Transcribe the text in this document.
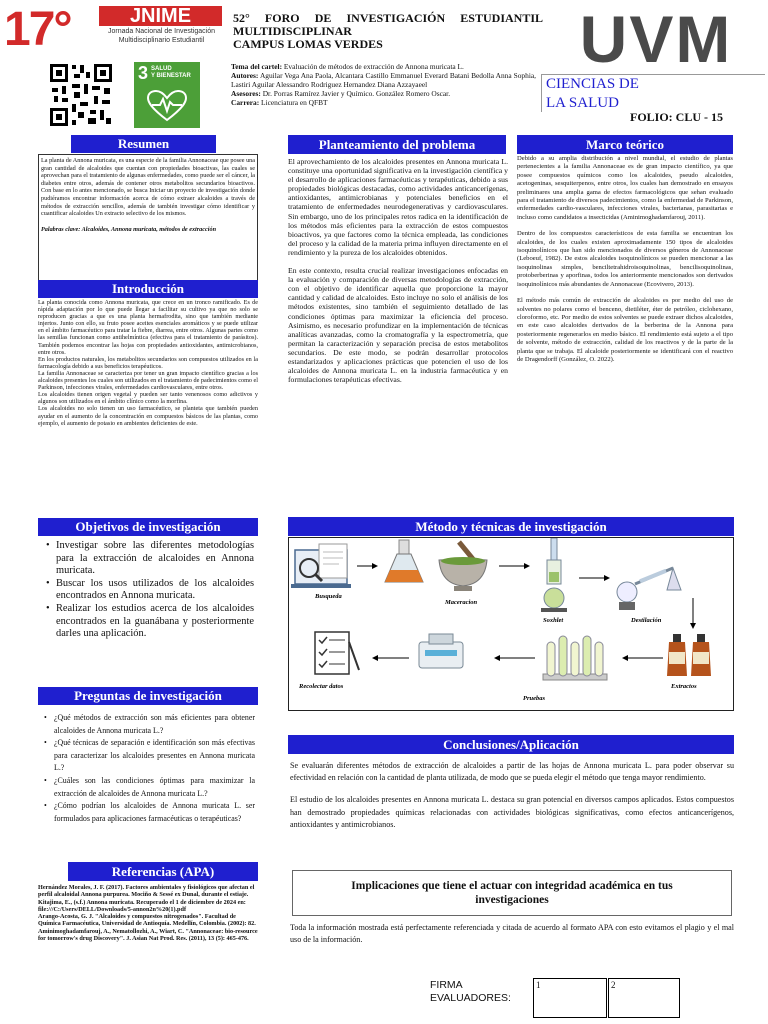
17°	JNIME
Jornada Nacional de Investigación
Multidisciplinario Estudiantil
52° FORO DE INVESTIGACIÓN ESTUDIANTIL
MULTIDISCIPLINAR
CAMPUS LOMAS VERDES	UVM
3 SALUD
Y BIENESTAR
Tema del cartel: Evaluación de métodos de extracción de Annona muricata L.
Autores: Aguilar Vega Ana Paola, Alcantara Castillo Emmanuel Everard Batani Bedolla Anna Sophia, Lastiri Aguilar Alessandro Rodriguez Hernandez Diana Azzayaeel
Asesores: Dr. Porras Ramírez Javier y Químico. González Romero Oscar.
Carrera: Licenciatura en QFBT
CIENCIAS DE
LA SALUD
FOLIO: CLU - 15
Resumen
La planta de Annona muricata, es una especie de la familia Annonaceae que posee una gran cantidad de alcaloides que cuentan con propiedades bioactivas, las cuales se aprovechan para el tratamiento de algunas enfermedades, como puede ser el cáncer, la diabetes entre otros, además de contener otros metabolitos secundarios bioactivos. Con base en lo antes mencionado, se busca Iniciar un proyecto de investigación donde pudiéramos encontrar información acerca de cómo extraer alcaloides a través de métodos de extracción sencillos, además de también investigar cómo identificar y cuantificar alcaloides Un extracto selectivo de los mismos.
Palabras clave: Alcaloides, Annona muricata, métodos de extracción
Introducción

La planta conocida como Annona muricata, que crece en un tronco ramificado. Es de rápida adaptación por lo que puede llegar a facilitar su cultivo ya que no solo se reproducen gracias a que es una planta hermafrodita, sino que también mediante injertos. Junto con ello, su fruto posee aceites esenciales aromáticos y se puede utilizar en el ámbito farmacéutico para tratar la fiebre, diarrea, entre otros. Algunas partes como las semillas funcionan como antihelmíntica (efectiva para el tratamiento de parásitos). También podemos encontrar las hojas con propiedades antioxidantes, antimicrobianos, entre otros.

En los productos naturales, los metabolitos secundarios son compuestos utilizados en la farmacología debido a sus beneficios terapéuticos.

La familia Annonaceae se caracteriza por tener un gran impacto científico gracias a los alcaloides presentes los cuales son utilizados en el tratamiento de padecimientos como el Parkinson, infecciones virales, enfermedades cardiovasculares, entre otros.

Los alcaloides tienen origen vegetal y pueden ser tanto venenosos como adictivos y algunos son utilizados en el ámbito clínico como la morfina.

Los alcaloides no solo tienen un uso farmacéutico, se planteta que también pueden ayudar en el aumento de la concentración en compuestos básicos de las plantas, como ejemplo, el aumento de potasio en ambientes deficientes de este.

Objetivos de investigación
• Investigar sobre las diferentes metodologías para la extracción de alcaloides en Annona muricata.
• Buscar los usos utilizados de los alcaloides encontrados en Annona muricata.
• Realizar los estudios acerca de los alcaloides encontrados en la guanábana y posteriormente darles una aplicación.
Preguntas de investigación
• ¿Qué métodos de extracción son más eficientes para obtener alcaloides de Annona muricata L.?
• ¿Qué técnicas de separación e identificación son más efectivas para caracterizar los alcaloides presentes en Annona muricata L.?
• ¿Cuáles son las condiciones óptimas para maximizar la extracción de alcaloides de Annona muricata L.?
• ¿Cómo podrían los alcaloides de Annona muricata L. ser formulados para aplicaciones farmacéuticas o terapéuticas?
Referencias (APA)

Hernández Morales, J. F. (2017). Factores ambientales y fisiológicos que afectan el perfil alcaloidal Annona purpurea. Mociño & Sessé ex Dunal, durante el estiaje.

Kitajima, E., (s.f.) Annona muricata. Recuperado el 1 de diciembre de 2024 en: file:///C:/Users/DELL/Downloads/5-annon2n%20(1).pdf

Arango-Acosta, G. J. "Alcaloides y compuestos nitrogenados". Facultad de Química Farmacéutica, Universidad de Antioquía. Medellín, Colombia. (2002): 82.

Aminimoghadamfarouj, A., Nematollozhi, A., Wiart, C. "Annonaceae: bio-resource for tomorrow's drug Discovery". J. Asian Nat Prod. Res. (2011), 13 (5): 465-476.

Planteamiento del problema

El aprovechamiento de los alcaloides presentes en Annona muricata L. constituye una oportunidad significativa en la investigación científica y el desarrollo de aplicaciones farmacéuticas y terapéuticas, debido a sus propiedades biológicas destacadas, como actividades anticancerígenas, antioxidantes, antimicrobianas y potenciales beneficios en el tratamiento de enfermedades neurodegenerativas y cardiovasculares. Sin embargo, uno de los principales retos radica en la identificación de los métodos más eficientes para la extracción de estos compuestos bioactivos, ya que factores como la técnica empleada, las condiciones del proceso y la calidad de la materia prima influyen directamente en el rendimiento y la pureza de los alcaloides obtenidos.

En este contexto, resulta crucial realizar investigaciones enfocadas en la evaluación y comparación de diversas metodologías de extracción, con el objetivo de identificar aquella que proporcione la mayor cantidad y calidad de alcaloides. Esto incluye no solo el análisis de los métodos existentes, sino también el seguimiento detallado de las condiciones óptimas para maximizar la eficiencia del proceso. Asimismo, es necesario profundizar en la implementación de técnicas analíticas avanzadas, como la cromatografía y la espectrometría, que permitan la caracterización y separación precisa de estos metabolitos secundarios. De este modo, se podrán desarrollar protocolos estandarizados y aplicaciones prácticas que potencien el uso de los alcaloides de Annona muricata L. en la industria farmacéutica y en formulaciones terapéuticas efectivas.

Marco teórico

Debido a su amplia distribución a nivel mundial, el estudio de plantas pertenecientes a la familia Annonaceae es de gran impacto científico, ya que posee compuestos químicos como los alcaloides, pseudo alcaloides, acetogeninas, sesquiterpenos, entre otros, los cuales han demostrado en ensayos preliminares una amplia gama de efectos farmacológicos que sehan evaluado para el tratamiento de diversos padecimientos, como la enfermedad de Parkinson, enfermedades cardio-vasculares, infecciones virales, bacterianas, parasitarias e incluso como candidatos a insecticidas (Aminimoghadamfarouj, 2011).

Dentro de los compuestos característicos de esta familia se encuentran los alcaloides, de los cuales existen aproximadamente 150 tipos de alcaloides isoquinolínicos que han sido mencionados de diversos géneros de Annonaceae (Leboeuf, 1982). De estos alcaloides isoquinolínicos se pueden mencionar a las isoquinolinas simples, benciltetrahidroisoquinolinas, bencilisoquinolinas, protoberberinas y aporfinas, todos los anteriormente mencionados son derivados isoquinolínicos más abundantes de Annonaceae (Ecovivero, 2013).

El método más común de extracción de alcaloides es por medio del uso de solventes no polares como el benceno, dietiléter, éter de petróleo, ciclohexano, cloroformo, etc. Por medio de estos solventes se puede extraer dichos alcaloides, en este caso alcaloides derivados de la berberina de la Annona para posteriormente regenerarlos en medio básico. El rendimiento está sujeto a el tipo de solvente, método de extracción, calidad de los reactivos y de la parte de la planta que se trabaja. El alcaloide posteriormente se identificará con el reactivo de Dragendorff (González, O. 2022).

Método y técnicas de investigación
Busqueda
Maceracion
Soxhlet	Destilación
Extractos
Pruebas
Recolectar datos
Conclusiones/Aplicación

Se evaluarán diferentes métodos de extracción de alcaloides a partir de las hojas de Annona muricata L. para poder observar su efectividad en relación con la cantidad de planta utilizada, de modo que se pueda elegir el método que tenga mayor rendimiento.

El estudio de los alcaloides presentes en Annona muricata L. destaca su gran potencial en diversos campos aplicados. Estos compuestos han demostrado propiedades químicas relacionadas con actividades biológicas significativas, como efectos anticancerígenos, antioxidantes y antimicrobianos.

Implicaciones que tiene el actuar con integridad académica en tus investigaciones
Toda la información mostrada está perfectamente referenciada y citada de acuerdo al formato APA con esto evitamos el plagio y el mal uso de la información.
FIRMA
EVALUADORES:
1	2
